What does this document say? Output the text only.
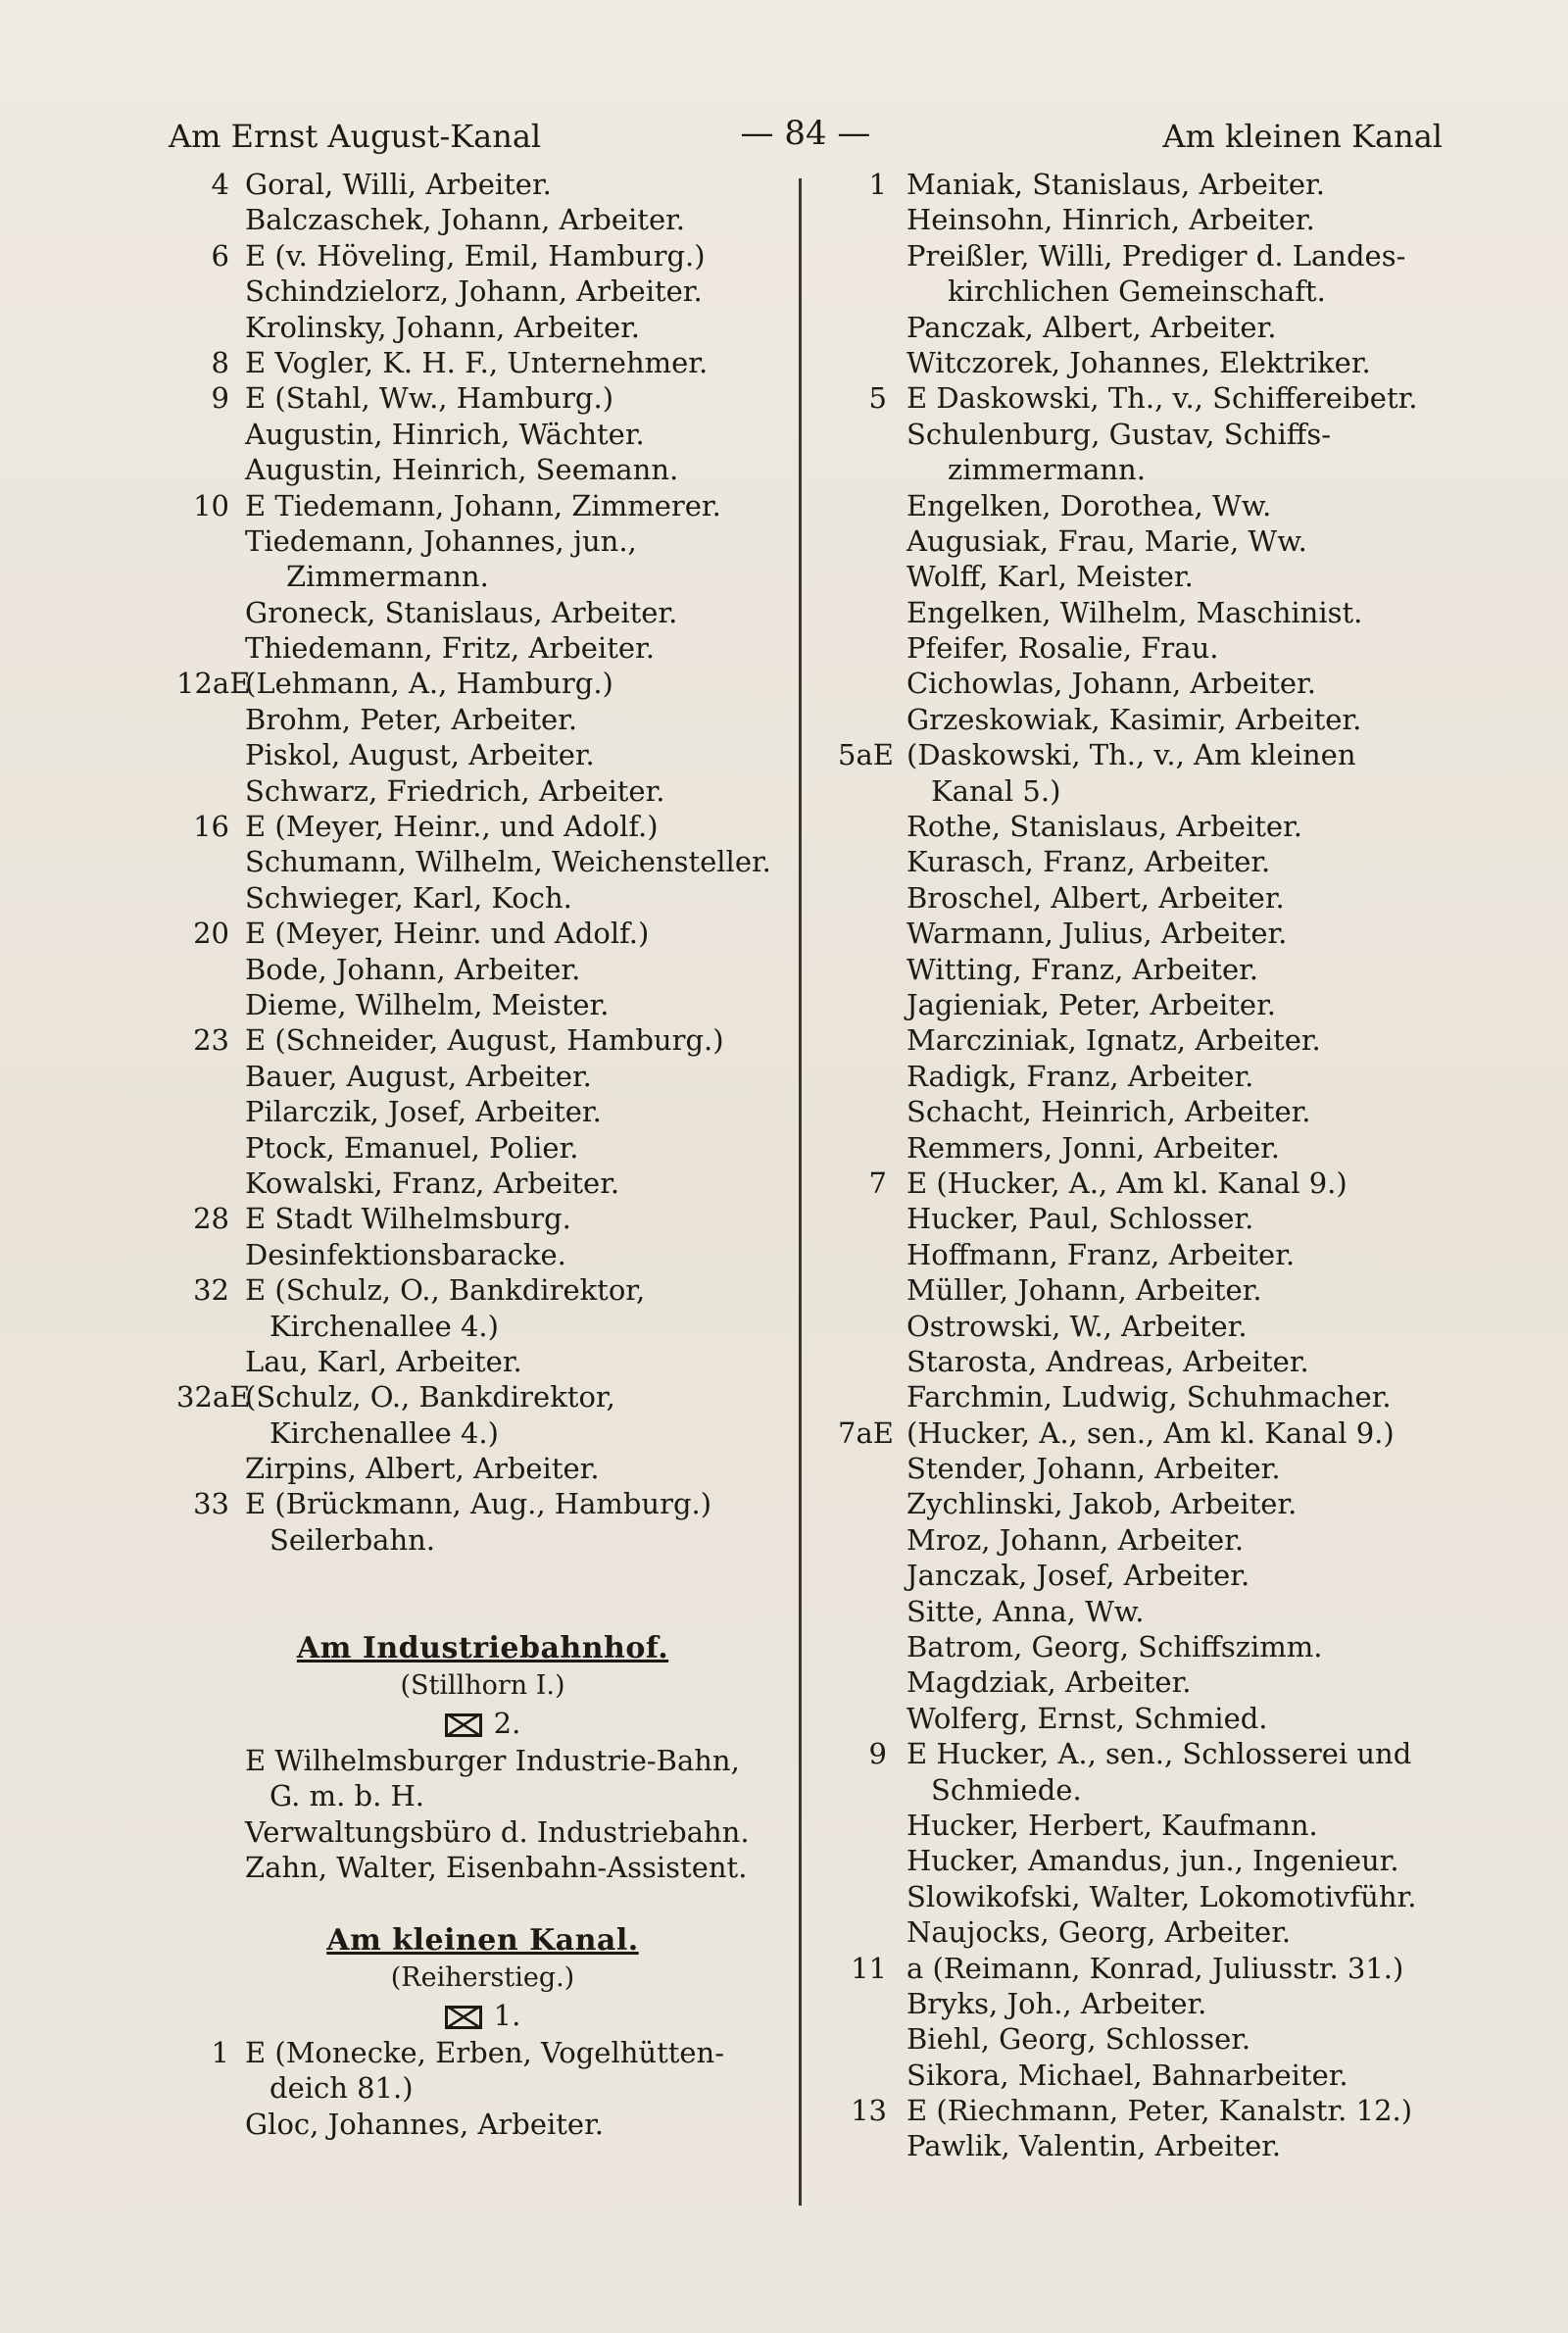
Am Ernst August-Kanal	— 84 —	Am kleinen Kanal
4 Goral, Willi, Arbeiter.
Balczaschek, Johann, Arbeiter.
6 E (v. Höveling, Emil, Hamburg.)
Schindzielorz, Johann, Arbeiter.
Krolinsky, Johann, Arbeiter.
8 E Vogler, K. H. F., Unternehmer.
9 E (Stahl, Ww., Hamburg.)
Augustin, Hinrich, Wächter.
Augustin, Heinrich, Seemann.
10 E Tiedemann, Johann, Zimmerer.
Tiedemann, Johannes, jun.,
Zimmermann.
Groneck, Stanislaus, Arbeiter.
Thiedemann, Fritz, Arbeiter.
12aE
(Lehmann, A., Hamburg.)
Brohm, Peter, Arbeiter.
Piskol, August, Arbeiter.
Schwarz, Friedrich, Arbeiter.
16 E (Meyer, Heinr., und Adolf.)
Schumann, Wilhelm, Weichensteller.
Schwieger, Karl, Koch.
20 E (Meyer, Heinr. und Adolf.)
Bode, Johann, Arbeiter.
Dieme, Wilhelm, Meister.
23 E (Schneider, August, Hamburg.)
Bauer, August, Arbeiter.
Pilarczik, Josef, Arbeiter.
Ptock, Emanuel, Polier.
Kowalski, Franz, Arbeiter.
28 E Stadt Wilhelmsburg.
Desinfektionsbaracke.
32 E (Schulz, O., Bankdirektor,
Kirchenallee 4.)
Lau, Karl, Arbeiter.
32aE
(Schulz, O., Bankdirektor,
Kirchenallee 4.)
Zirpins, Albert, Arbeiter.
33 E (Brückmann, Aug., Hamburg.)
Seilerbahn.
Am Industriebahnhof.
(Stillhorn I.)
2.
E Wilhelmsburger Industrie-Bahn,
G. m. b. H.
Verwaltungsbüro d. Industriebahn.
Zahn, Walter, Eisenbahn-Assistent.
Am kleinen Kanal.
(Reiherstieg.)
1.
1 E (Monecke, Erben, Vogelhütten-
deich 81.)
Gloc, Johannes, Arbeiter.
1 Maniak, Stanislaus, Arbeiter.
Heinsohn, Hinrich, Arbeiter.
Preißler, Willi, Prediger d. Landes-
kirchlichen Gemeinschaft.
Panczak, Albert, Arbeiter.
Witczorek, Johannes, Elektriker.
5 E Daskowski, Th., v., Schiffereibetr.
Schulenburg, Gustav, Schiffs-
zimmermann.
Engelken, Dorothea, Ww.
Augusiak, Frau, Marie, Ww.
Wolff, Karl, Meister.
Engelken, Wilhelm, Maschinist.
Pfeifer, Rosalie, Frau.
Cichowlas, Johann, Arbeiter.
Grzeskowiak, Kasimir, Arbeiter.
5aE (Daskowski, Th., v., Am kleinen
Kanal 5.)
Rothe, Stanislaus, Arbeiter.
Kurasch, Franz, Arbeiter.
Broschel, Albert, Arbeiter.
Warmann, Julius, Arbeiter.
Witting, Franz, Arbeiter.
Jagieniak, Peter, Arbeiter.
Marcziniak, Ignatz, Arbeiter.
Radigk, Franz, Arbeiter.
Schacht, Heinrich, Arbeiter.
Remmers, Jonni, Arbeiter.
7 E (Hucker, A., Am kl. Kanal 9.)
Hucker, Paul, Schlosser.
Hoffmann, Franz, Arbeiter.
Müller, Johann, Arbeiter.
Ostrowski, W., Arbeiter.
Starosta, Andreas, Arbeiter.
Farchmin, Ludwig, Schuhmacher.
7aE (Hucker, A., sen., Am kl. Kanal 9.)
Stender, Johann, Arbeiter.
Zychlinski, Jakob, Arbeiter.
Mroz, Johann, Arbeiter.
Janczak, Josef, Arbeiter.
Sitte, Anna, Ww.
Batrom, Georg, Schiffszimm.
Magdziak, Arbeiter.
Wolferg, Ernst, Schmied.
9 E Hucker, A., sen., Schlosserei und
Schmiede.
Hucker, Herbert, Kaufmann.
Hucker, Amandus, jun., Ingenieur.
Slowikofski, Walter, Lokomotivführ.
Naujocks, Georg, Arbeiter.
11 a (Reimann, Konrad, Juliusstr. 31.)
Bryks, Joh., Arbeiter.
Biehl, Georg, Schlosser.
Sikora, Michael, Bahnarbeiter.
13 E (Riechmann, Peter, Kanalstr. 12.)
Pawlik, Valentin, Arbeiter.
